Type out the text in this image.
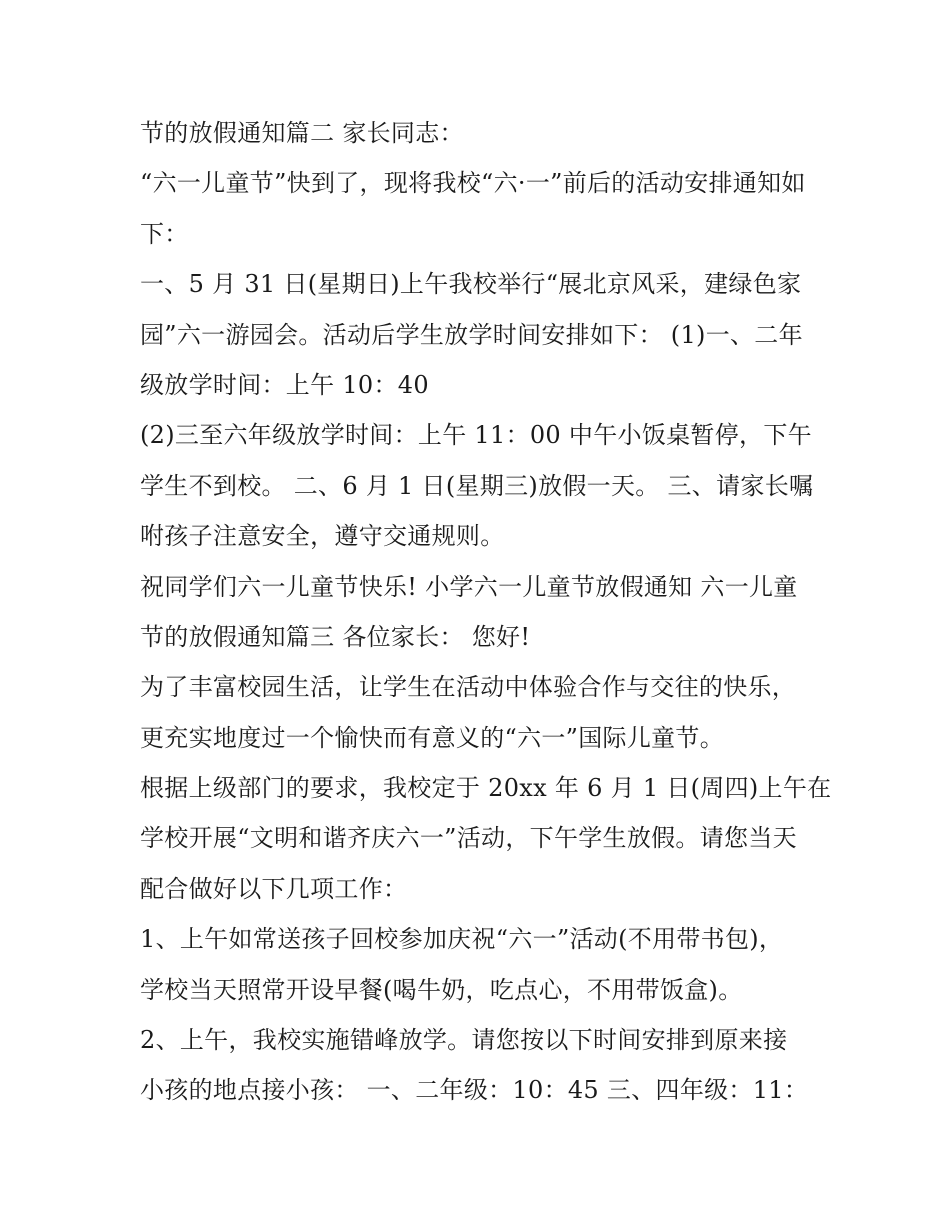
节的放假通知篇二 家长同志：
“六一儿童节”快到了，现将我校“六·一”前后的活动安排通知如
下：
一、5 月 31 日(星期日)上午我校举行“展北京风采，建绿色家
园”六一游园会。活动后学生放学时间安排如下： (1)一、二年
级放学时间：上午 10：40
(2)三至六年级放学时间：上午 11：00 中午小饭桌暂停，下午
学生不到校。 二、6 月 1 日(星期三)放假一天。 三、请家长嘱
咐孩子注意安全，遵守交通规则。
祝同学们六一儿童节快乐! 小学六一儿童节放假通知 六一儿童
节的放假通知篇三 各位家长： 您好!
为了丰富校园生活，让学生在活动中体验合作与交往的快乐，
更充实地度过一个愉快而有意义的“六一”国际儿童节。
根据上级部门的要求，我校定于 20xx 年 6 月 1 日(周四)上午在
学校开展“文明和谐齐庆六一”活动，下午学生放假。请您当天
配合做好以下几项工作：
1、上午如常送孩子回校参加庆祝“六一”活动(不用带书包)，
学校当天照常开设早餐(喝牛奶，吃点心，不用带饭盒)。
2、上午，我校实施错峰放学。请您按以下时间安排到原来接
小孩的地点接小孩： 一、二年级：10：45 三、四年级：11：
